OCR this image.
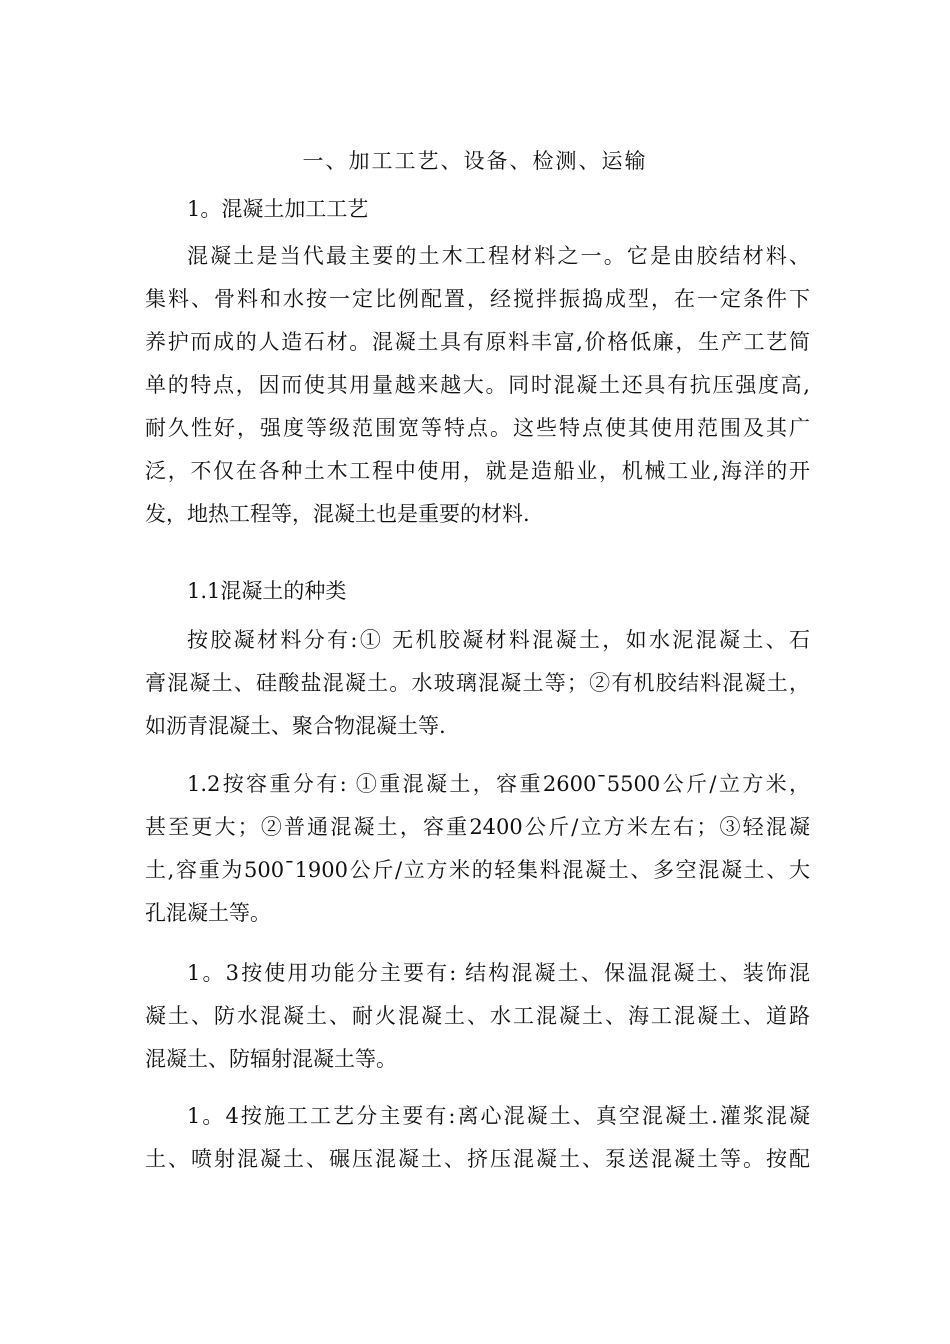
一、加工工艺、设备、检测、运输
1。混凝土加工工艺
混凝土是当代最主要的土木工程材料之一。它是由胶结材料、
集料、骨料和水按一定比例配置，经搅拌振捣成型，在一定条件下
养护而成的人造石材。混凝土具有原料丰富,价格低廉，生产工艺简
单的特点，因而使其用量越来越大。同时混凝土还具有抗压强度高,
耐久性好，强度等级范围宽等特点。这些特点使其使用范围及其广
泛，不仅在各种土木工程中使用，就是造船业，机械工业,海洋的开
发，地热工程等，混凝土也是重要的材料.
1.1混凝土的种类
按胶凝材料分有:① 无机胶凝材料混凝土，如水泥混凝土、石
膏混凝土、硅酸盐混凝土。水玻璃混凝土等；②有机胶结料混凝土，
如沥青混凝土、聚合物混凝土等.
1.2按容重分有: ①重混凝土，容重2600¯5500公斤/立方米，
甚至更大；②普通混凝土，容重2400公斤/立方米左右；③轻混凝
土,容重为500¯1900公斤/立方米的轻集料混凝土、多空混凝土、大
孔混凝土等。
1。3按使用功能分主要有: 结构混凝土、保温混凝土、装饰混
凝土、防水混凝土、耐火混凝土、水工混凝土、海工混凝土、道路
混凝土、防辐射混凝土等。
1。4按施工工艺分主要有:离心混凝土、真空混凝土.灌浆混凝
土、喷射混凝土、碾压混凝土、挤压混凝土、泵送混凝土等。按配
